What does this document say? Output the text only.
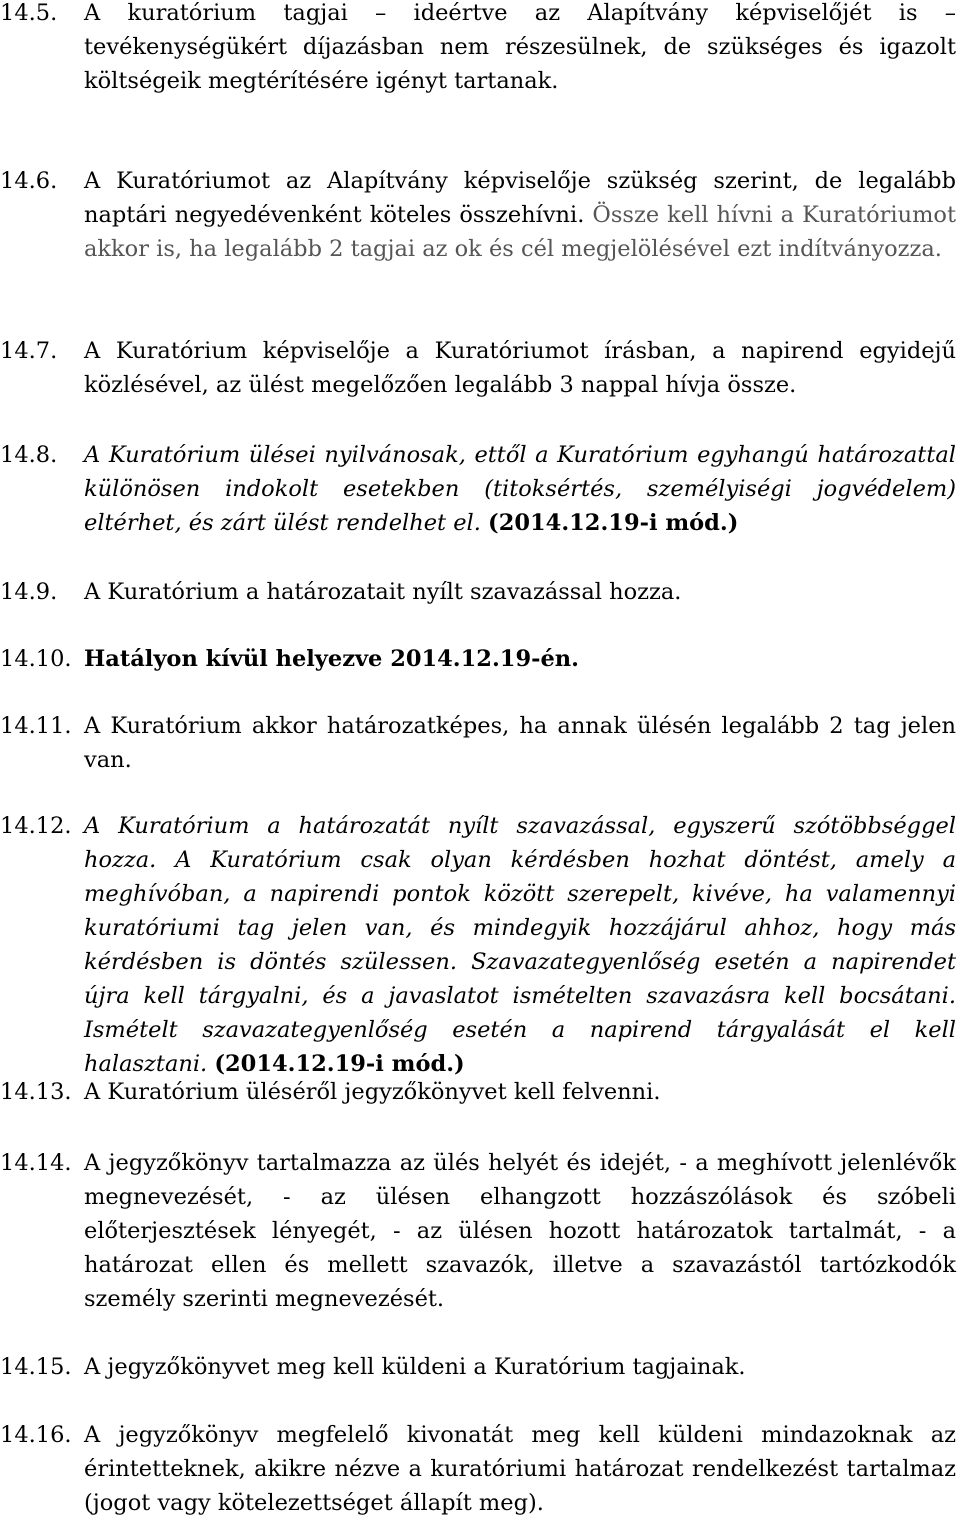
14.5.	A kuratórium tagjai – ideértve az Alapítvány képviselőjét is – tevékenységükért díjazásban nem részesülnek, de szükséges és igazolt költségeik megtérítésére igényt tartanak.
14.6.	A Kuratóriumot az Alapítvány képviselője szükség szerint, de legalább naptári negyedévenként köteles összehívni. Össze kell hívni a Kuratóriumot akkor is, ha legalább 2 tagjai az ok és cél megjelölésével ezt indítványozza.
14.7.	A Kuratórium képviselője a Kuratóriumot írásban, a napirend egyidejű közlésével, az ülést megelőzően legalább 3 nappal hívja össze.
14.8.	A Kuratórium ülései nyilvánosak, ettől a Kuratórium egyhangú határozattal különösen indokolt esetekben (titoksértés, személyiségi jogvédelem) eltérhet, és zárt ülést rendelhet el. (2014.12.19-i mód.)
14.9.	A Kuratórium a határozatait nyílt szavazással hozza.
14.10. Hatályon kívül helyezve 2014.12.19-én.
14.11. A Kuratórium akkor határozatképes, ha annak ülésén legalább 2 tag jelen van.
14.12. A Kuratórium a határozatát nyílt szavazással, egyszerű szótöbbséggel hozza. A Kuratórium csak olyan kérdésben hozhat döntést, amely a meghívóban, a napirendi pontok között szerepelt, kivéve, ha valamennyi kuratóriumi tag jelen van, és mindegyik hozzájárul ahhoz, hogy más kérdésben is döntés szülessen. Szavazategyenlőség esetén a napirendet újra kell tárgyalni, és a javaslatot ismételten szavazásra kell bocsátani. Ismételt szavazategyenlőség esetén a napirend tárgyalását el kell halasztani. (2014.12.19-i mód.)
14.13. A Kuratórium üléséről jegyzőkönyvet kell felvenni.
14.14. A jegyzőkönyv tartalmazza az ülés helyét és idejét, - a meghívott jelenlévők megnevezését, - az ülésen elhangzott hozzászólások és szóbeli előterjesztések lényegét, - az ülésen hozott határozatok tartalmát, - a határozat ellen és mellett szavazók, illetve a szavazástól tartózkodók személy szerinti megnevezését.
14.15. A jegyzőkönyvet meg kell küldeni a Kuratórium tagjainak.
14.16. A jegyzőkönyv megfelelő kivonatát meg kell küldeni mindazoknak az érintetteknek, akikre nézve a kuratóriumi határozat rendelkezést tartalmaz (jogot vagy kötelezettséget állapít meg).
